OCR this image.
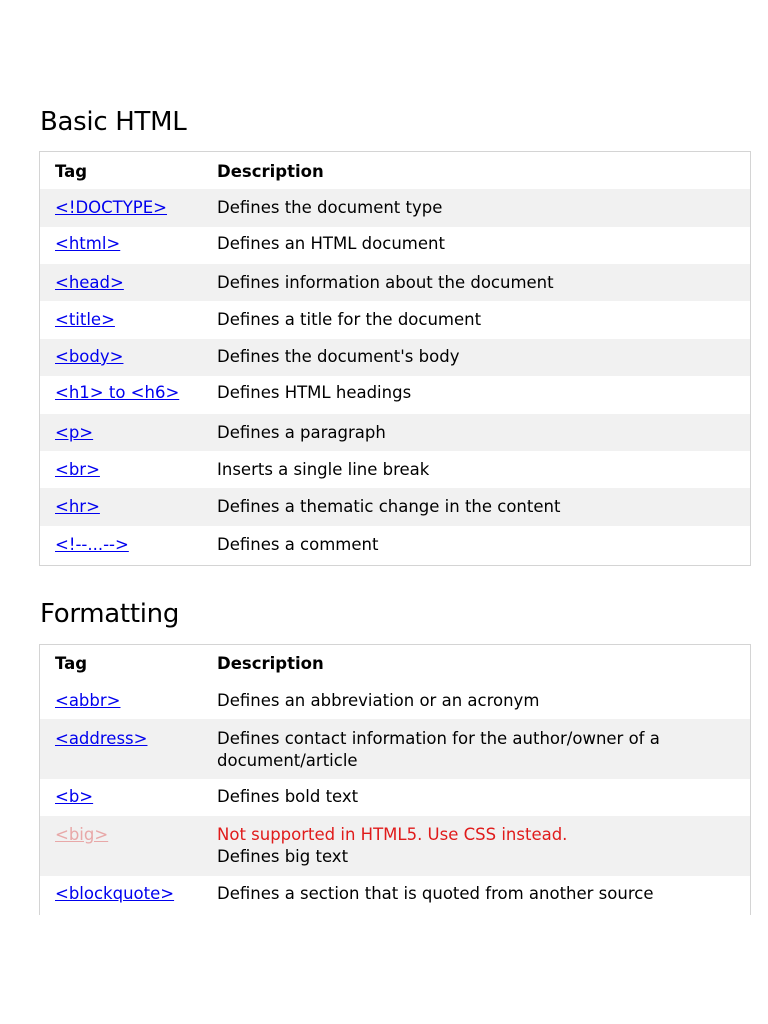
Basic HTML
Tag	Description
<!DOCTYPE>	Defines the document type
<html>	Defines an HTML document
<head>	Defines information about the document
<title>	Defines a title for the document
<body>	Defines the document's body
<h1> to <h6>	Defines HTML headings
<p>	Defines a paragraph
<br>	Inserts a single line break
<hr>	Defines a thematic change in the content
<!--...-->	Defines a comment
Formatting
Tag	Description
<abbr>	Defines an abbreviation or an acronym
<address>	Defines contact information for the author/owner of a document/article
<b>	Defines bold text
<big>	Not supported in HTML5. Use CSS instead.
Defines big text
<blockquote>	Defines a section that is quoted from another source
